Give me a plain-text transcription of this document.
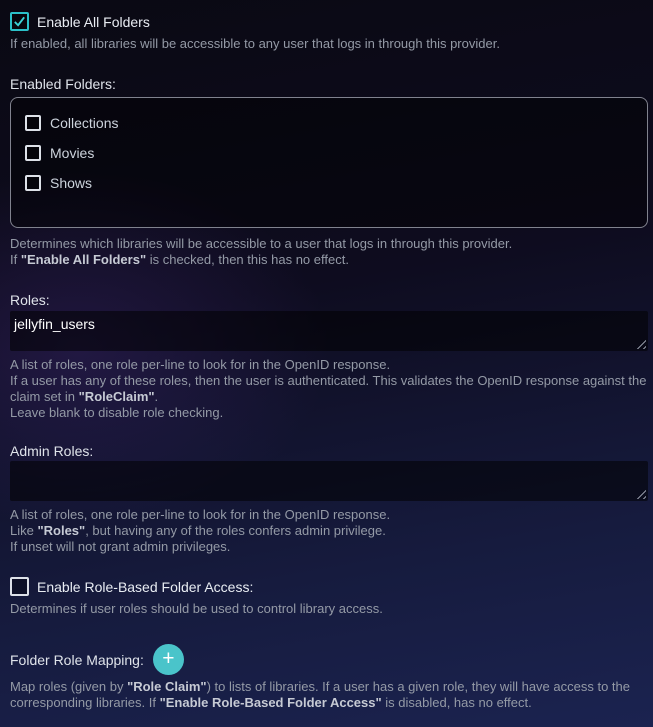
Enable All Folders
If enabled, all libraries will be accessible to any user that logs in through this provider.
Enabled Folders:
Collections
Movies
Shows
Determines which libraries will be accessible to a user that logs in through this provider.
If "Enable All Folders" is checked, then this has no effect.
Roles:
jellyfin_users
A list of roles, one role per-line to look for in the OpenID response.
If a user has any of these roles, then the user is authenticated. This validates the OpenID response against the claim set in "RoleClaim".
Leave blank to disable role checking.
Admin Roles:
A list of roles, one role per-line to look for in the OpenID response.
Like "Roles", but having any of the roles confers admin privilege.
If unset will not grant admin privileges.
Enable Role-Based Folder Access:
Determines if user roles should be used to control library access.
Folder Role Mapping: +
Map roles (given by "Role Claim") to lists of libraries. If a user has a given role, they will have access to the corresponding libraries. If "Enable Role-Based Folder Access" is disabled, has no effect.
